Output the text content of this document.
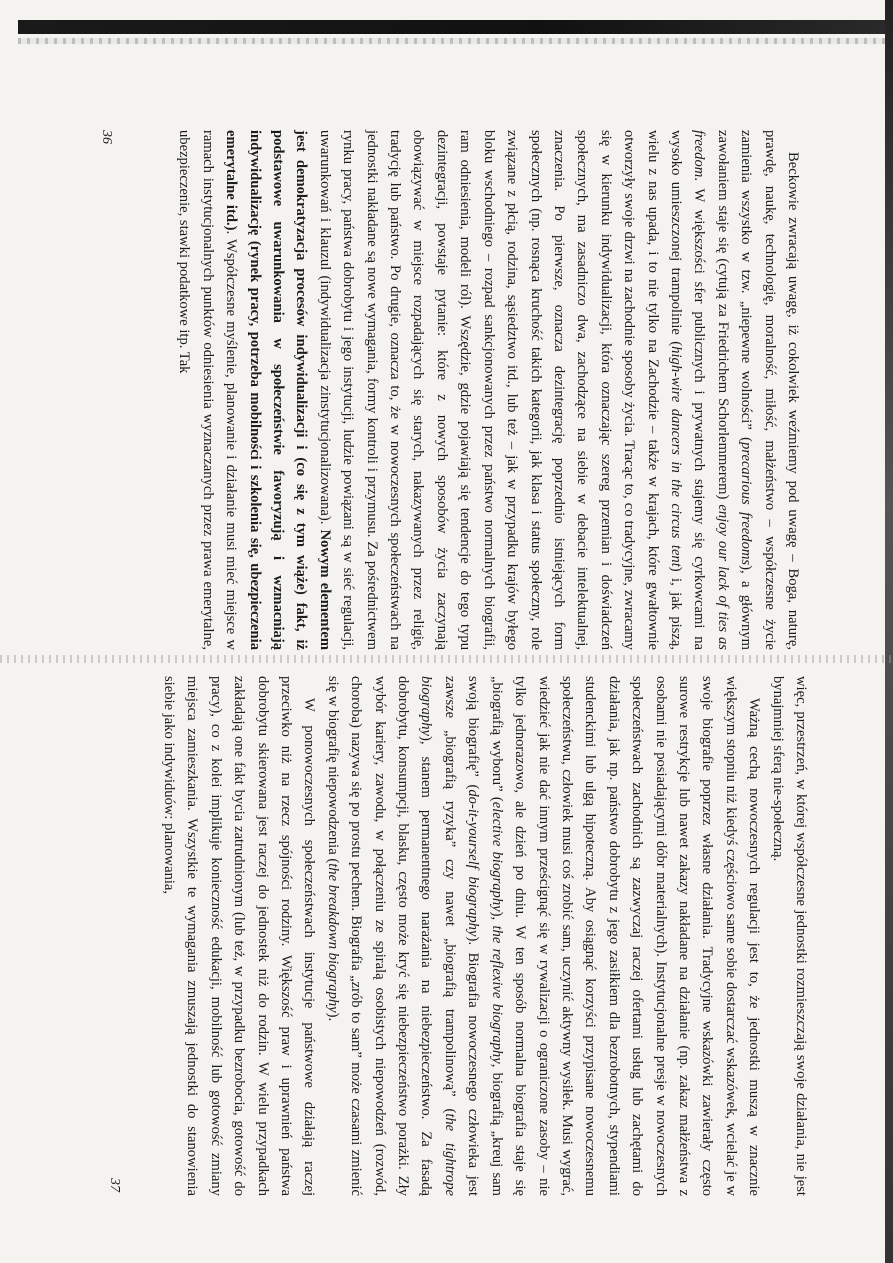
Beckowie zwracają uwagę, iż cokolwiek weźmiemy pod uwagę – Boga, naturę, prawdę, naukę, technologię, moralność, miłość, małżeństwo – współczesne życie zamienia wszystko w tzw. „niepewne wolności” (precarious freedoms), a głównym zawołaniem staje się (cytują za Friedrichem Schorlemmerem) enjoy our lack of ties as freedom. W większości sfer publicznych i prywatnych stajemy się cyrkowcami na wysoko umieszczonej trampolinie (high-wire dancers in the circus tent) i, jak piszą, wielu z nas upada, i to nie tylko na Zachodzie – także w krajach, które gwałtownie otworzyły swoje drzwi na zachodnie sposoby życia. Tracąc to, co tradycyjne, zwracamy się w kierunku indywidualizacji, która oznaczając szereg przemian i doświadczeń społecznych, ma zasadniczo dwa, zachodzące na siebie w debacie intelektualnej, znaczenia. Po pierwsze, oznacza dezintegrację poprzednio istniejących form społecznych (np. rosnąca kruchość takich kategorii, jak klasa i status społeczny, role związane z płcią, rodzina, sąsiedztwo itd., lub też – jak w przypadku krajów byłego bloku wschodniego – rozpad sankcjonowanych przez państwo normalnych biografii, ram odniesienia, modeli ról). Wszędzie, gdzie pojawiają się tendencje do tego typu dezintegracji, powstaje pytanie: które z nowych sposobów życia zaczynają obowiązywać w miejsce rozpadających się starych, nakazywanych przez religię, tradycję lub państwo. Po drugie, oznacza to, że w nowoczesnych społeczeństwach na jednostki nakładane są nowe wymagania, formy kontroli i przymusu. Za pośrednictwem rynku pracy, państwa dobrobytu i jego instytucji, ludzie powiązani są w sieć regulacji, uwarunkowań i klauzul (indywidualizacja zinstytucjonalizowana). Nowym elementem jest demokratyzacja procesów indywidualizacji i (co się z tym wiąże) fakt, iż podstawowe uwarunkowania w społeczeństwie faworyzują i wzmacniają indywidualizację (rynek pracy, potrzeba mobilności i szkolenia się, ubezpieczenia emerytalne itd.). Współczesne myślenie, planowanie i działanie musi mieć miejsce w ramach instytucjonalnych punktów odniesienia wyznaczanych przez prawa emerytalne, ubezpieczenie, stawki podatkowe itp. Tak

36

więc, przestrzeń, w której współczesne jednostki rozmieszczają swoje działania, nie jest bynajmniej sferą nie-społeczną.

Ważną cechą nowoczesnych regulacji jest to, że jednostki muszą w znacznie większym stopniu niż kiedyś częściowo same sobie dostarczać wskazówek, wcielać je w swoje biografie poprzez własne działania. Tradycyjne wskazówki zawierały często surowe restrykcje lub nawet zakazy nakładane na działanie (np. zakaz małżeństwa z osobami nie posiadającymi dóbr materialnych). Instytucjonalne presje w nowoczesnych społeczeństwach zachodnich są zazwyczaj raczej ofertami usług lub zachętami do działania, jak np. państwo dobrobytu z jego zasiłkiem dla bezrobotnych, stypendiami studenckimi lub ulgą hipoteczną. Aby osiągnąć korzyści przypisane nowoczesnemu społeczeństwu, człowiek musi coś zrobić sam, uczynić aktywny wysiłek. Musi wygrać, wiedzieć jak nie dać innym prześcignąć się w rywalizacji o ograniczone zasoby – nie tylko jednorazowo, ale dzień po dniu. W ten sposób normalna biografia staje się „biografią wyboru” (elective biography), the reflexive biography, biografią „kreuj sam swoją biografię” (do-it-yourself biography). Biografia nowoczesnego człowieka jest zawsze „biografią ryzyka” czy nawet „biografią trampolinową” (the tightrope biography), stanem permanentnego narażania na niebezpieczeństwo. Za fasadą dobrobytu, konsumpcji, blasku, często może kryć się niebezpieczeństwo porażki. Zły wybór kariery, zawodu, w połączeniu ze spiralą osobistych niepowodzeń (rozwód, choroba) nazywa się po prostu pechem. Biografia „zrób to sam” może czasami zmienić się w biografię niepowodzenia (the breakdown biography).

W ponowoczesnych społeczeństwach instytucje państwowe działają raczej przeciwko niż na rzecz spójności rodziny. Większość praw i uprawnień państwa dobrobytu skierowana jest raczej do jednostek niż do rodzin. W wielu przypadkach zakładają one fakt bycia zatrudnionym (lub też, w przypadku bezrobocia, gotowość do pracy), co z kolei implikuje konieczność edukacji, mobilność lub gotowość zmiany miejsca zamieszkania. Wszystkie te wymagania zmuszają jednostki do stanowienia siebie jako indywiduów: planowania,

37
